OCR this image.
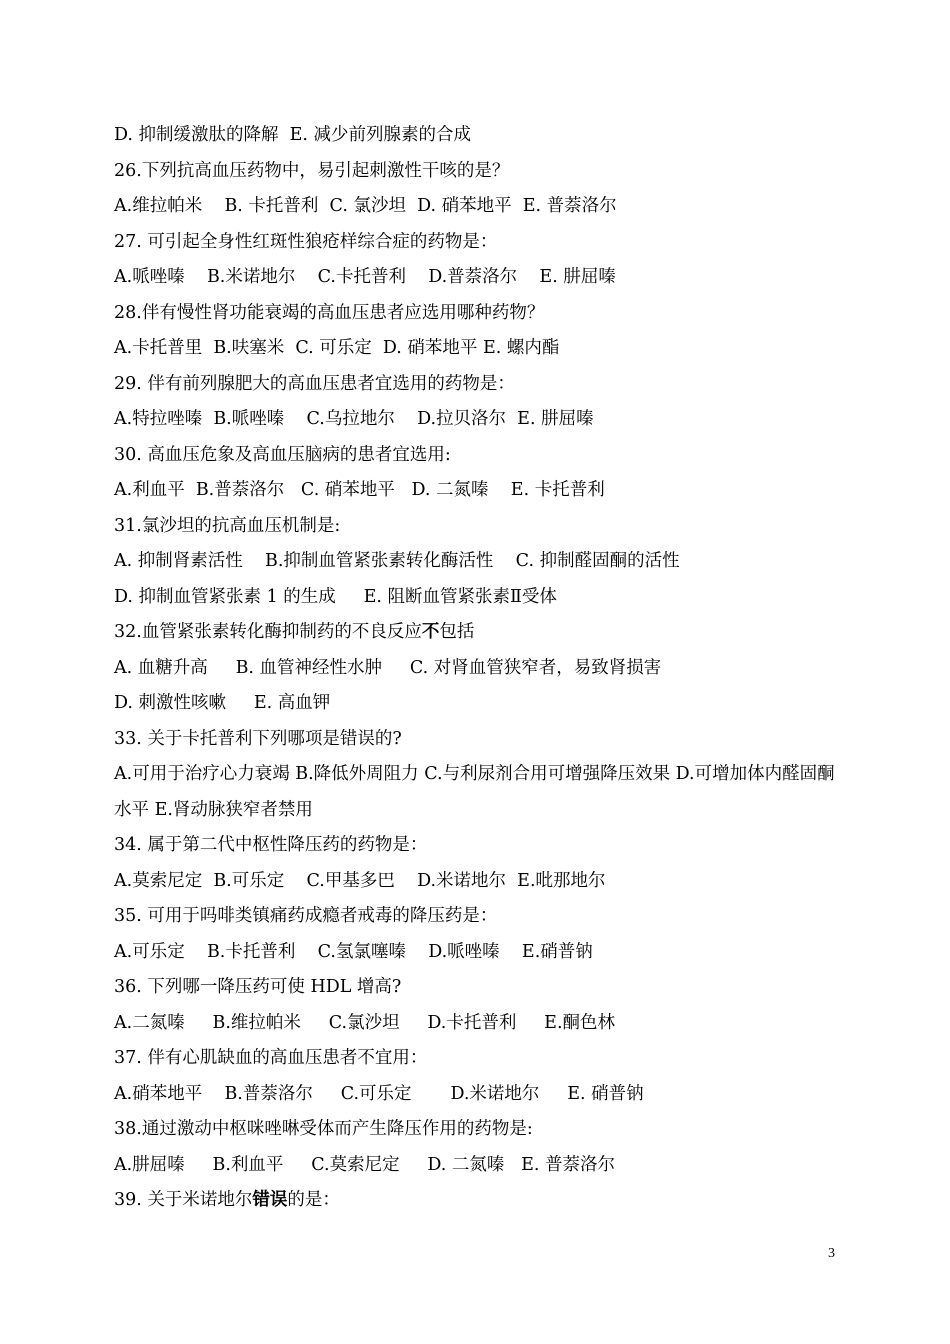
D. 抑制缓激肽的降解  E. 减少前列腺素的合成
26.下列抗高血压药物中，易引起刺激性干咳的是？
A.维拉帕米    B. 卡托普利  C. 氯沙坦  D. 硝苯地平  E. 普萘洛尔
27. 可引起全身性红斑性狼疮样综合症的药物是：
A.哌唑嗪    B.米诺地尔    C.卡托普利    D.普萘洛尔    E. 肼屈嗪
28.伴有慢性肾功能衰竭的高血压患者应选用哪种药物？
A.卡托普里  B.呋塞米  C. 可乐定  D. 硝苯地平 E. 螺内酯
29. 伴有前列腺肥大的高血压患者宜选用的药物是：
A.特拉唑嗪  B.哌唑嗪    C.乌拉地尔    D.拉贝洛尔  E. 肼屈嗪
30. 高血压危象及高血压脑病的患者宜选用:
A.利血平  B.普萘洛尔   C. 硝苯地平   D. 二氮嗪    E. 卡托普利
31.氯沙坦的抗高血压机制是:
A. 抑制肾素活性    B.抑制血管紧张素转化酶活性    C. 抑制醛固酮的活性
D. 抑制血管紧张素 1 的生成     E. 阻断血管紧张素Ⅱ受体
32.血管紧张素转化酶抑制药的不良反应不包括
A. 血糖升高     B. 血管神经性水肿     C. 对肾血管狭窄者，易致肾损害
D. 刺激性咳嗽     E. 高血钾
33. 关于卡托普利下列哪项是错误的?
A.可用于治疗心力衰竭 B.降低外周阻力 C.与利尿剂合用可增强降压效果 D.可增加体内醛固酮水平 E.肾动脉狭窄者禁用
34. 属于第二代中枢性降压药的药物是：
A.莫索尼定  B.可乐定    C.甲基多巴    D.米诺地尔  E.吡那地尔
35. 可用于吗啡类镇痛药成瘾者戒毒的降压药是：
A.可乐定    B.卡托普利    C.氢氯噻嗪    D.哌唑嗪    E.硝普钠
36. 下列哪一降压药可使 HDL 增高?
A.二氮嗪     B.维拉帕米     C.氯沙坦     D.卡托普利     E.酮色林
37. 伴有心肌缺血的高血压患者不宜用：
A.硝苯地平    B.普萘洛尔     C.可乐定       D.米诺地尔     E. 硝普钠
38.通过激动中枢咪唑啉受体而产生降压作用的药物是:
A.肼屈嗪     B.利血平     C.莫索尼定     D. 二氮嗪   E. 普萘洛尔
39. 关于米诺地尔错误的是：
3
